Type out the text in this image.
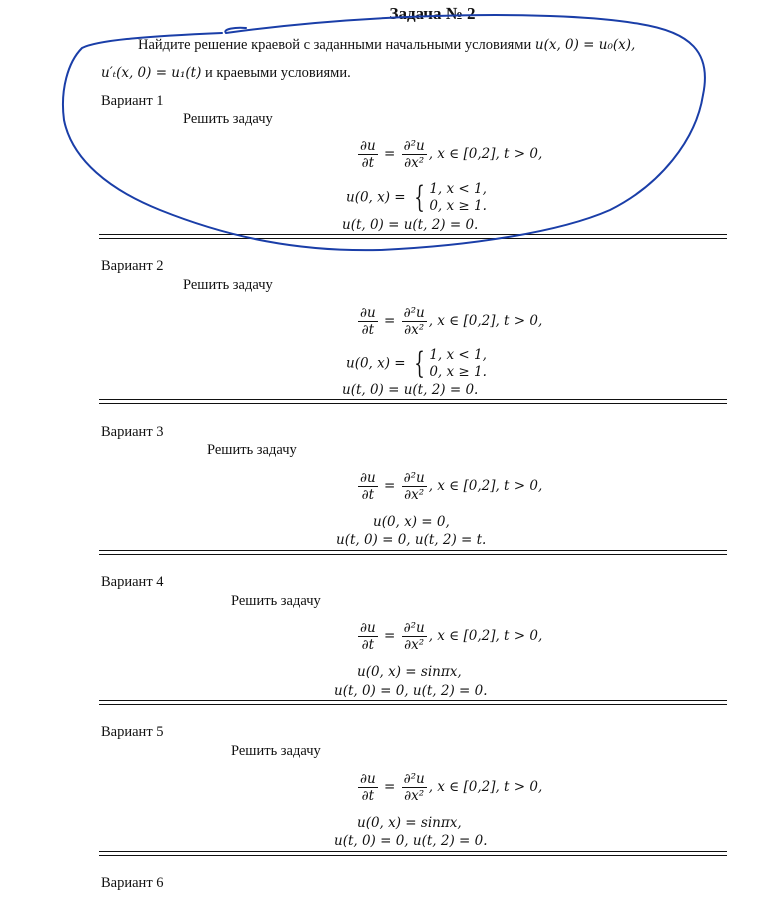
Задача № 2
Найдите решение краевой с заданными начальными условиями u(x, 0) = u₀(x),
u′ₜ(x, 0) = u₁(t) и краевыми условиями.
Вариант 1
Решить задачу
$\frac{\partial u}{\partial t} = \frac{\text{∂²u}}{\text{∂x²}}$ , x ∈ [0,2], t > 0,
u(0, x) = { 1, x < 1,
0, x ≥ 1.
u(t, 0) = u(t, 2) = 0.
Вариант 2
Решить задачу
$\frac{\partial u}{\partial t} = \frac{\text{∂²u}}{\text{∂x²}}$ , x ∈ [0,2], t > 0,
u(0, x) = { 1, x < 1,
0, x ≥ 1.
u(t, 0) = u(t, 2) = 0.
Вариант 3
Решить задачу
$\frac{\partial u}{\partial t} = \frac{\text{∂²u}}{\text{∂x²}}$ , x ∈ [0,2], t > 0,
u(0, x) = 0,
u(t, 0) = 0, u(t, 2) = t.
Вариант 4
Решить задачу
$\frac{\partial u}{\partial t} = \frac{\text{∂²u}}{\text{∂x²}}$ , x ∈ [0,2], t > 0,
u(0, x) = sinπx,
u(t, 0) = 0, u(t, 2) = 0.
Вариант 5
Решить задачу
$\frac{\partial u}{\partial t} = \frac{\text{∂²u}}{\text{∂x²}}$ , x ∈ [0,2], t > 0,
u(0, x) = sinπx,
u(t, 0) = 0, u(t, 2) = 0.
Вариант 6
